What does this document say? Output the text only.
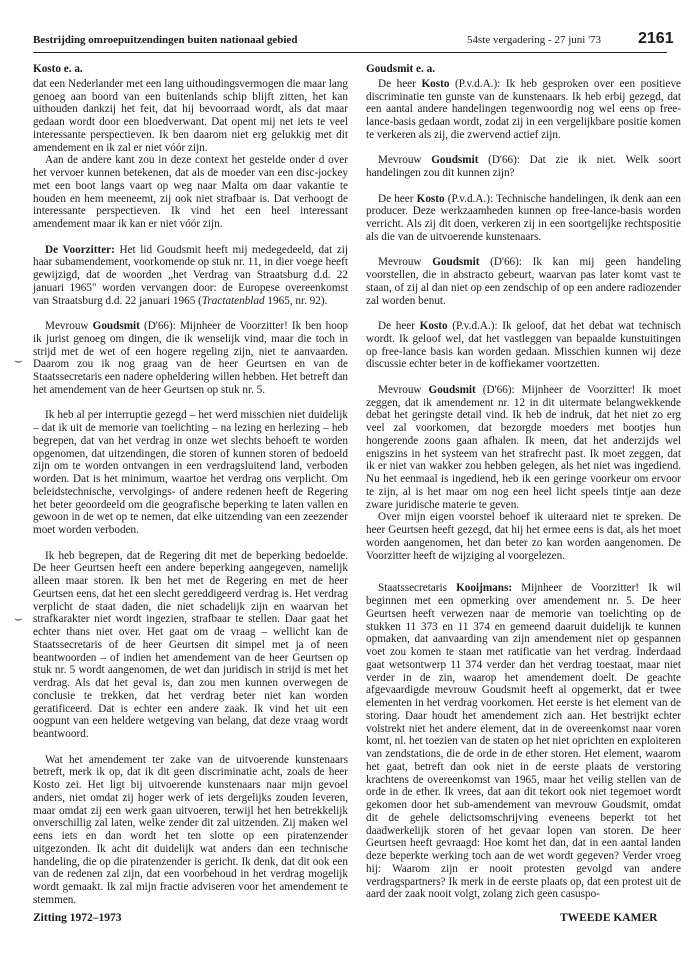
Bestrijding omroepuitzendingen buiten nationaal gebied	54ste vergadering - 27 juni '73 2161
⌣
⌣

Kosto e. a.

dat een Nederlander met een lang uithoudingsvermogen die maar lang genoeg aan boord van een buitenlands schip blijft zitten, het kan uithouden dankzij het feit, dat hij bevoorraad wordt, als dat maar gedaan wordt door een bloedverwant. Dat opent mij net iets te veel interessante perspectieven. Ik ben daarom niet erg gelukkig met dit amendement en ik zal er niet vóór zijn.

Aan de andere kant zou in deze context het gestelde onder d over het vervoer kunnen betekenen, dat als de moeder van een disc-jockey met een boot langs vaart op weg naar Malta om daar vakantie te houden en hem meeneemt, zij ook niet strafbaar is. Dat verhoogt de interessante perspectieven. Ik vind het een heel interessant amendement maar ik kan er niet vóór zijn.

De Voorzitter: Het lid Goudsmit heeft mij medegedeeld, dat zij haar subamendement, voorkomende op stuk nr. 11, in dier voege heeft gewijzigd, dat de woorden „het Verdrag van Straatsburg d.d. 22 januari 1965" worden vervangen door: de Europese overeenkomst van Straatsburg d.d. 22 januari 1965 (Tractatenblad 1965, nr. 92).

Mevrouw Goudsmit (D'66): Mijnheer de Voorzitter! Ik ben hoop ik jurist genoeg om dingen, die ik wenselijk vind, maar die toch in strijd met de wet of een hogere regeling zijn, niet te aanvaarden. Daarom zou ik nog graag van de heer Geurtsen en van de Staatssecretaris een nadere opheldering willen hebben. Het betreft dan het amendement van de heer Geurtsen op stuk nr. 5.

Ik heb al per interruptie gezegd – het werd misschien niet duidelijk – dat ik uit de memorie van toelichting – na lezing en herlezing – heb begrepen, dat van het verdrag in onze wet slechts behoeft te worden opgenomen, dat uitzendingen, die storen of kunnen storen of bedoeld zijn om te worden ontvangen in een verdragsluitend land, verboden worden. Dat is het minimum, waartoe het verdrag ons verplicht. Om beleidstechnische, vervolgings- of andere redenen heeft de Regering het beter geoordeeld om die geografische beperking te laten vallen en gewoon in de wet op te nemen, dat elke uitzending van een zeezender moet worden verboden.

Ik heb begrepen, dat de Regering dit met de beperking bedoelde. De heer Geurtsen heeft een andere beperking aangegeven, namelijk alleen maar storen. Ik ben het met de Regering en met de heer Geurtsen eens, dat het een slecht gereddigeerd verdrag is. Het verdrag verplicht de staat daden, die niet schadelijk zijn en waarvan het strafkarakter niet wordt ingezien, strafbaar te stellen. Daar gaat het echter thans niet over. Het gaat om de vraag – wellicht kan de Staatssecretaris of de heer Geurtsen dit simpel met ja of neen beantwoorden – of indien het amendement van de heer Geurtsen op stuk nr. 5 wordt aangenomen, de wet dan juridisch in strijd is met het verdrag. Als dat het geval is, dan zou men kunnen overwegen de conclusie te trekken, dat het verdrag beter niet kan worden geratificeerd. Dat is echter een andere zaak. Ik vind het uit een oogpunt van een heldere wetgeving van belang, dat deze vraag wordt beantwoord.

Wat het amendement ter zake van de uitvoerende kunstenaars betreft, merk ik op, dat ik dit geen discriminatie acht, zoals de heer Kosto zei. Het ligt bij uitvoerende kunstenaars naar mijn gevoel anders, niet omdat zij hoger werk of iets dergelijks zouden leveren, maar omdat zij een werk gaan uitvoeren, terwijl het hen betrekkelijk onverschillig zal laten, welke zender dit zal uitzenden. Zij maken wel eens iets en dan wordt het ten slotte op een piratenzender uitgezonden. Ik acht dit duidelijk wat anders dan een technische handeling, die op die piratenzender is gericht. Ik denk, dat dit ook een van de redenen zal zijn, dat een voorbehoud in het verdrag mogelijk wordt gemaakt. Ik zal mijn fractie adviseren voor het amendement te stemmen.

Goudsmit e. a.

De heer Kosto (P.v.d.A.): Ik heb gesproken over een positieve discriminatie ten gunste van de kunstenaars. Ik heb erbij gezegd, dat een aantal andere handelingen tegenwoordig nog wel eens op free-lance-basis gedaan wordt, zodat zij in een vergelijkbare positie komen te verkeren als zij, die zwervend actief zijn.

Mevrouw Goudsmit (D'66): Dat zie ik niet. Welk soort handelingen zou dit kunnen zijn?

De heer Kosto (P.v.d.A.): Technische handelingen, ik denk aan een producer. Deze werkzaamheden kunnen op free-lance-basis worden verricht. Als zij dit doen, verkeren zij in een soortgelijke rechtspositie als die van de uitvoerende kunstenaars.

Mevrouw Goudsmit (D'66): Ik kan mij geen handeling voorstellen, die in abstracto gebeurt, waarvan pas later komt vast te staan, of zij al dan niet op een zendschip of op een andere radiozender zal worden benut.

De heer Kosto (P.v.d.A.): Ik geloof, dat het debat wat technisch wordt. Ik geloof wel, dat het vastleggen van bepaalde kunstuitingen op free-lance basis kan worden gedaan. Misschien kunnen wij deze discussie echter beter in de koffiekamer voortzetten.

Mevrouw Goudsmit (D'66): Mijnheer de Voorzitter! Ik moet zeggen, dat ik amendement nr. 12 in dit uitermate belangwekkende debat het geringste detail vind. Ik heb de indruk, dat het niet zo erg veel zal voorkomen, dat bezorgde moeders met bootjes hun hongerende zoons gaan afhalen. Ik meen, dat het anderzijds wel enigszins in het systeem van het strafrecht past. Ik moet zeggen, dat ik er niet van wakker zou hebben gelegen, als het niet was ingediend. Nu het eenmaal is ingediend, heb ik een geringe voorkeur om ervoor te zijn, al is het maar om nog een heel licht speels tintje aan deze zware juridische materie te geven.

Over mijn eigen voorstel behoef ik uiteraard niet te spreken. De heer Geurtsen heeft gezegd, dat hij het ermee eens is dat, als het moet worden aangenomen, het dan beter zo kan worden aangenomen. De Voorzitter heeft de wijziging al voorgelezen.

Staatssecretaris Kooijmans: Mijnheer de Voorzitter! Ik wil beginnen met een opmerking over amendement nr. 5. De heer Geurtsen heeft verwezen naar de memorie van toelichting op de stukken 11 373 en 11 374 en gemeend daaruit duidelijk te kunnen opmaken, dat aanvaarding van zijn amendement niet op gespannen voet zou komen te staan met ratificatie van het verdrag. Inderdaad gaat wetsontwerp 11 374 verder dan het verdrag toestaat, maar niet verder in de zin, waarop het amendement doelt. De geachte afgevaardigde mevrouw Goudsmit heeft al opgemerkt, dat er twee elementen in het verdrag voorkomen. Het eerste is het element van de storing. Daar houdt het amendement zich aan. Het bestrijkt echter volstrekt niet het andere element, dat in de overeenkomst naar voren komt, nl. het toezien van de staten op het niet oprichten en exploiteren van zendstations, die de orde in de ether storen. Het element, waarom het gaat, betreft dan ook niet in de eerste plaats de verstoring krachtens de overeenkomst van 1965, maar het veilig stellen van de orde in de ether. Ik vrees, dat aan dit tekort ook niet tegemoet wordt gekomen door het sub-amendement van mevrouw Goudsmit, omdat dit de gehele delictsomschrijving eveneens beperkt tot het daadwerkelijk storen of het gevaar lopen van storen. De heer Geurtsen heeft gevraagd: Hoe komt het dan, dat in een aantal landen deze beperkte werking toch aan de wet wordt gegeven? Verder vroeg hij: Waarom zijn er nooit protesten gevolgd van andere verdragspartners? Ik merk in de eerste plaats op, dat een protest uit de aard der zaak nooit volgt, zolang zich geen casuspo-

Zitting 1972–1973	TWEEDE KAMER
